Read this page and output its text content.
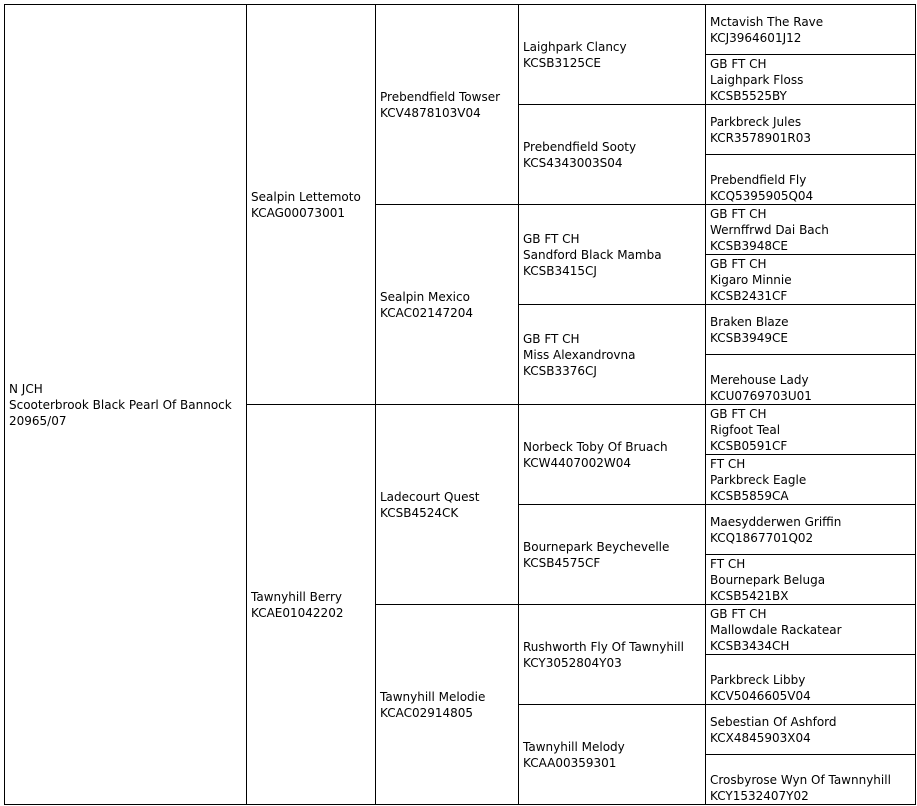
N JCH
Scooterbrook Black Pearl Of Bannock
20965/07
Sealpin Lettemoto
KCAG00073001
Tawnyhill Berry
KCAE01042202
Prebendfield Towser
KCV4878103V04
Sealpin Mexico
KCAC02147204
Ladecourt Quest
KCSB4524CK
Tawnyhill Melodie
KCAC02914805
Laighpark Clancy
KCSB3125CE
Prebendfield Sooty
KCS4343003S04
GB FT CH
Sandford Black Mamba
KCSB3415CJ
GB FT CH
Miss Alexandrovna
KCSB3376CJ
Norbeck Toby Of Bruach
KCW4407002W04
Bournepark Beychevelle
KCSB4575CF
Rushworth Fly Of Tawnyhill
KCY3052804Y03
Tawnyhill Melody
KCAA00359301
Mctavish The Rave
KCJ3964601J12
GB FT CH
Laighpark Floss
KCSB5525BY
Parkbreck Jules
KCR3578901R03
Prebendfield Fly
KCQ5395905Q04
GB FT CH
Wernffrwd Dai Bach
KCSB3948CE
GB FT CH
Kigaro Minnie
KCSB2431CF
Braken Blaze
KCSB3949CE
Merehouse Lady
KCU0769703U01
GB FT CH
Rigfoot Teal
KCSB0591CF
FT CH
Parkbreck Eagle
KCSB5859CA
Maesydderwen Griffin
KCQ1867701Q02
FT CH
Bournepark Beluga
KCSB5421BX
GB FT CH
Mallowdale Rackatear
KCSB3434CH
Parkbreck Libby
KCV5046605V04
Sebestian Of Ashford
KCX4845903X04
Crosbyrose Wyn Of Tawnnyhill
KCY1532407Y02
